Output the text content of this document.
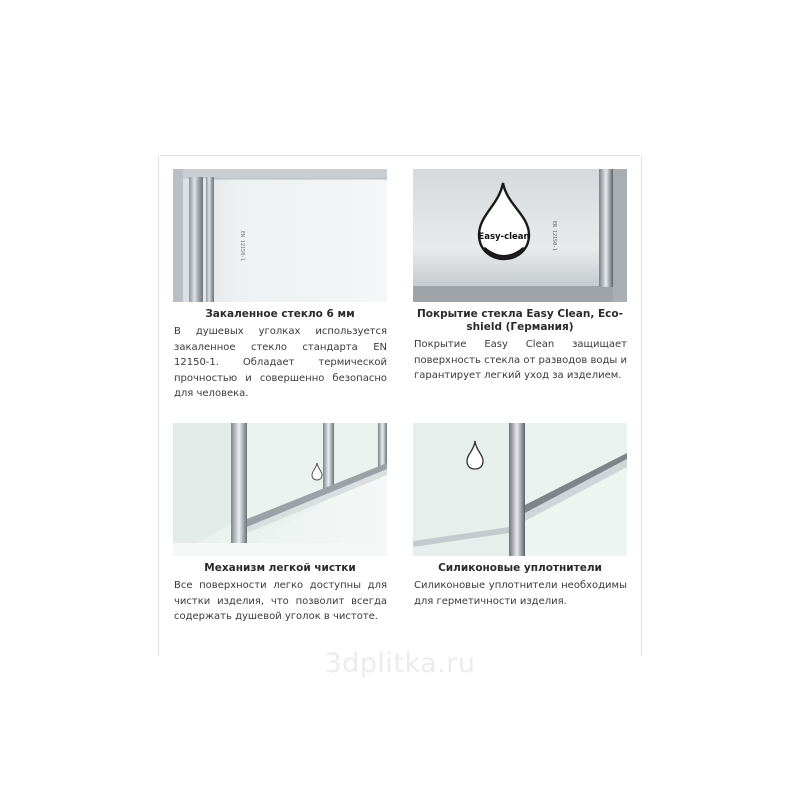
EN 12150-1
Закаленное стекло 6 мм
В душевых уголках используется закаленное стекло стандарта EN 12150-1. Обладает термической прочностью и совершенно безопасно для человека.
Easy-clean	EN 12150-1
Покрытие стекла Easy Clean, Eco-shield (Германия)
Покрытие Easy Clean защищает поверхность стекла от разводов воды и гарантирует легкий уход за изделием.
Механизм легкой чистки
Все поверхности легко доступны для чистки изделия, что позволит всегда содержать душевой уголок в чистоте.
Силиконовые уплотнители
Силиконовые уплотнители необходимы для герметичности изделия.
3dplitka.ru
